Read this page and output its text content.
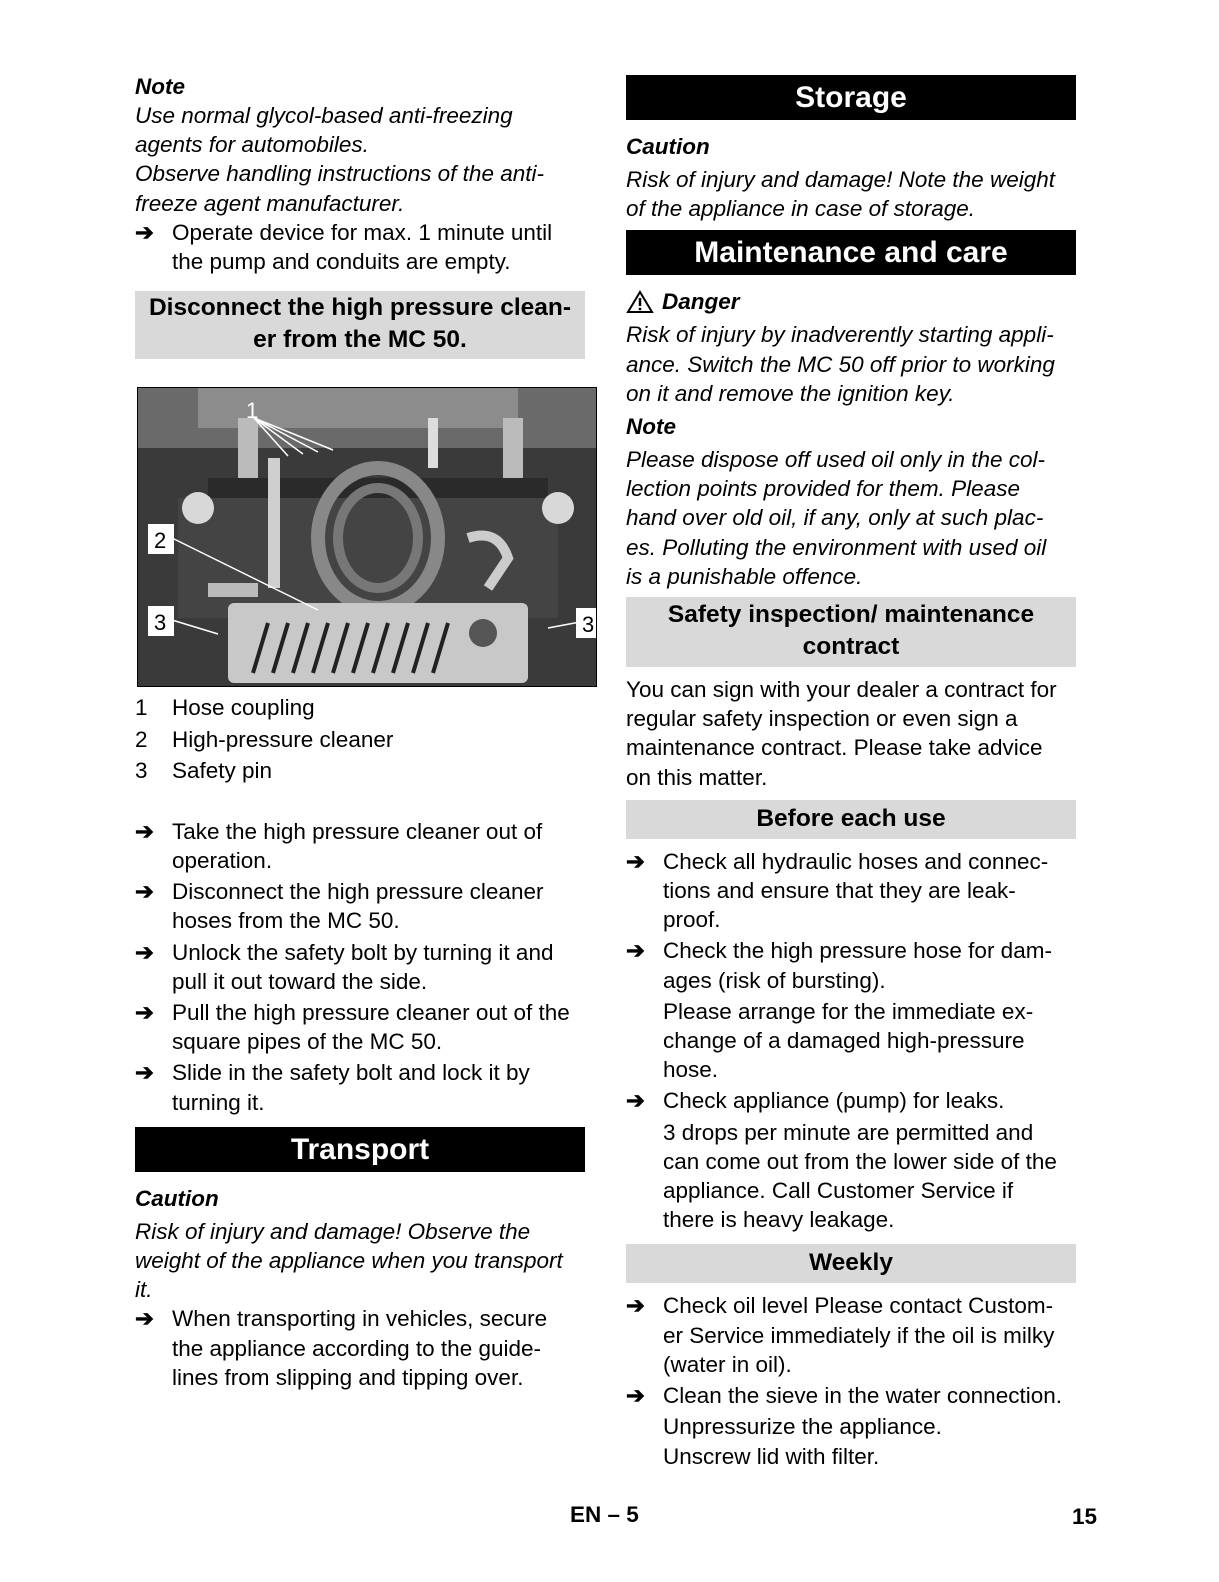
Note

Use normal glycol-based anti-freezing
agents for automobiles.
Observe handling instructions of the anti-
freeze agent manufacturer.
➔ Operate device for max. 1 minute until
the pump and conduits are empty.
Disconnect the high pressure clean-
er from the MC 50.
1
2
3	3
1 Hose coupling
2 High-pressure cleaner
3 Safety pin
➔ Take the high pressure cleaner out of
operation.
➔ Disconnect the high pressure cleaner
hoses from the MC 50.
➔ Unlock the safety bolt by turning it and
pull it out toward the side.
➔ Pull the high pressure cleaner out of the
square pipes of the MC 50.
➔ Slide in the safety bolt and lock it by
turning it.
Transport

Caution

Risk of injury and damage! Observe the
weight of the appliance when you transport
it.
➔ When transporting in vehicles, secure
the appliance according to the guide-
lines from slipping and tipping over.
Storage

Caution

Risk of injury and damage! Note the weight
of the appliance in case of storage.
Maintenance and care
Danger
Risk of injury by inadverently starting appli-
ance. Switch the MC 50 off prior to working
on it and remove the ignition key.

Note

Please dispose off used oil only in the col-
lection points provided for them. Please
hand over old oil, if any, only at such plac-
es. Polluting the environment with used oil
is a punishable offence.
Safety inspection/ maintenance
contract
You can sign with your dealer a contract for
regular safety inspection or even sign a
maintenance contract. Please take advice
on this matter.
Before each use
➔ Check all hydraulic hoses and connec-
tions and ensure that they are leak-
proof.
➔ Check the high pressure hose for dam-
ages (risk of bursting).
Please arrange for the immediate ex-
change of a damaged high-pressure
hose.
➔ Check appliance (pump) for leaks.
3 drops per minute are permitted and
can come out from the lower side of the
appliance. Call Customer Service if
there is heavy leakage.
Weekly
➔ Check oil level Please contact Custom-
er Service immediately if the oil is milky
(water in oil).
➔ Clean the sieve in the water connection.
Unpressurize the appliance.
Unscrew lid with filter.
EN – 5	15
